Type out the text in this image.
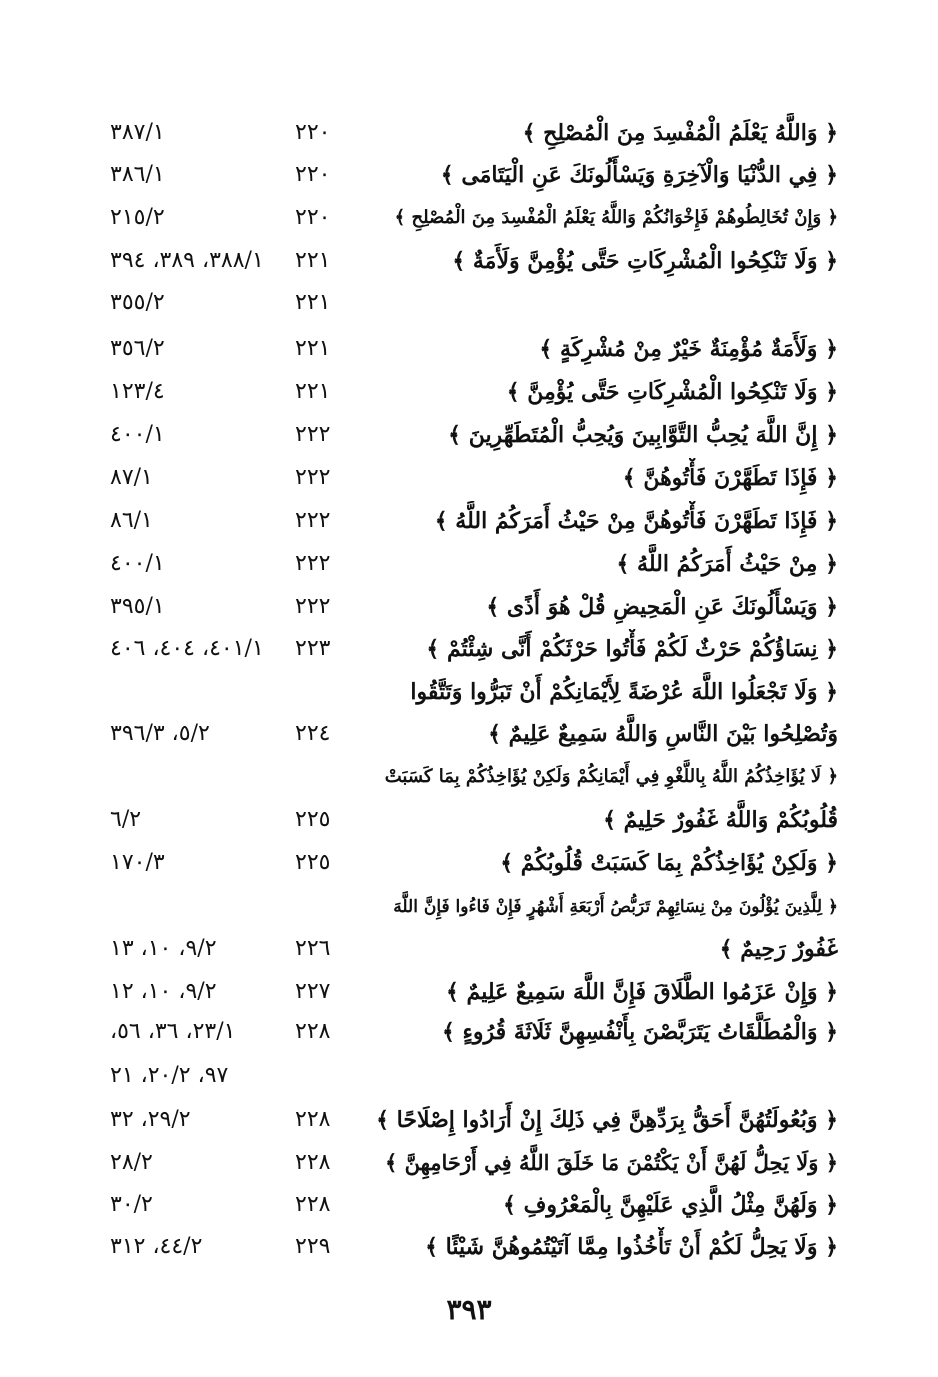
﴿ وَاللَّهُ يَعْلَمُ الْمُفْسِدَ مِنَ الْمُصْلِحِ ﴾
٢٢٠
٣٨٧/١
﴿ فِي الدُّنْيَا وَالْآخِرَةِ وَيَسْأَلُونَكَ عَنِ الْيَتَامَى ﴾
٢٢٠
٣٨٦/١
﴿ وَإِنْ تُخَالِطُوهُمْ فَإِخْوَانُكُمْ وَاللَّهُ يَعْلَمُ الْمُفْسِدَ مِنَ الْمُصْلِحِ ﴾
٢٢٠
٢١٥/٢
﴿ وَلَا تَنْكِحُوا الْمُشْرِكَاتِ حَتَّى يُؤْمِنَّ وَلَأَمَةٌ ﴾
٢٢١
٣٨٨/١، ٣٨٩، ٣٩٤
٢٢١
٣٥٥/٢
﴿ وَلَأَمَةٌ مُؤْمِنَةٌ خَيْرٌ مِنْ مُشْرِكَةٍ ﴾
٢٢١
٣٥٦/٢
﴿ وَلَا تَنْكِحُوا الْمُشْرِكَاتِ حَتَّى يُؤْمِنَّ ﴾
٢٢١
١٢٣/٤
﴿ إِنَّ اللَّهَ يُحِبُّ التَّوَّابِينَ وَيُحِبُّ الْمُتَطَهِّرِينَ ﴾
٢٢٢
٤٠٠/١
﴿ فَإِذَا تَطَهَّرْنَ فَأْتُوهُنَّ ﴾
٢٢٢
٨٧/١
﴿ فَإِذَا تَطَهَّرْنَ فَأْتُوهُنَّ مِنْ حَيْثُ أَمَرَكُمُ اللَّهُ ﴾
٢٢٢
٨٦/١
﴿ مِنْ حَيْثُ أَمَرَكُمُ اللَّهُ ﴾
٢٢٢
٤٠٠/١
﴿ وَيَسْأَلُونَكَ عَنِ الْمَحِيضِ قُلْ هُوَ أَذًى ﴾
٢٢٢
٣٩٥/١
﴿ نِسَاؤُكُمْ حَرْثٌ لَكُمْ فَأْتُوا حَرْثَكُمْ أَنَّى شِئْتُمْ ﴾
٢٢٣
٤٠١/١، ٤٠٤، ٤٠٦
﴿ وَلَا تَجْعَلُوا اللَّهَ عُرْضَةً لِأَيْمَانِكُمْ أَنْ تَبَرُّوا وَتَتَّقُوا
وَتُصْلِحُوا بَيْنَ النَّاسِ وَاللَّهُ سَمِيعٌ عَلِيمٌ ﴾
٢٢٤
٥/٢، ٣٩٦/٣
﴿ لَا يُؤَاخِذُكُمُ اللَّهُ بِاللَّغْوِ فِي أَيْمَانِكُمْ وَلَكِنْ يُؤَاخِذُكُمْ بِمَا كَسَبَتْ
قُلُوبُكُمْ وَاللَّهُ غَفُورٌ حَلِيمٌ ﴾
٢٢٥
٦/٢
﴿ وَلَكِنْ يُؤَاخِذُكُمْ بِمَا كَسَبَتْ قُلُوبُكُمْ ﴾
٢٢٥
١٧٠/٣
﴿ لِلَّذِينَ يُؤْلُونَ مِنْ نِسَائِهِمْ تَرَبُّصُ أَرْبَعَةِ أَشْهُرٍ فَإِنْ فَاءُوا فَإِنَّ اللَّهَ
غَفُورٌ رَحِيمٌ ﴾
٢٢٦
٩/٢، ١٠، ١٣
﴿ وَإِنْ عَزَمُوا الطَّلَاقَ فَإِنَّ اللَّهَ سَمِيعٌ عَلِيمٌ ﴾
٢٢٧
٩/٢، ١٠، ١٢
﴿ وَالْمُطَلَّقَاتُ يَتَرَبَّصْنَ بِأَنْفُسِهِنَّ ثَلَاثَةَ قُرُوءٍ ﴾
٢٢٨
٢٣/١، ٣٦، ٥٦،
٩٧، ٢٠/٢، ٢١
﴿ وَبُعُولَتُهُنَّ أَحَقُّ بِرَدِّهِنَّ فِي ذَلِكَ إِنْ أَرَادُوا إِصْلَاحًا ﴾
٢٢٨
٢٩/٢، ٣٢
﴿ وَلَا يَحِلُّ لَهُنَّ أَنْ يَكْتُمْنَ مَا خَلَقَ اللَّهُ فِي أَرْحَامِهِنَّ ﴾
٢٢٨
٢٨/٢
﴿ وَلَهُنَّ مِثْلُ الَّذِي عَلَيْهِنَّ بِالْمَعْرُوفِ ﴾
٢٢٨
٣٠/٢
﴿ وَلَا يَحِلُّ لَكُمْ أَنْ تَأْخُذُوا مِمَّا آتَيْتُمُوهُنَّ شَيْئًا ﴾
٢٢٩
٤٤/٢، ٣١٢
٣٩٣
